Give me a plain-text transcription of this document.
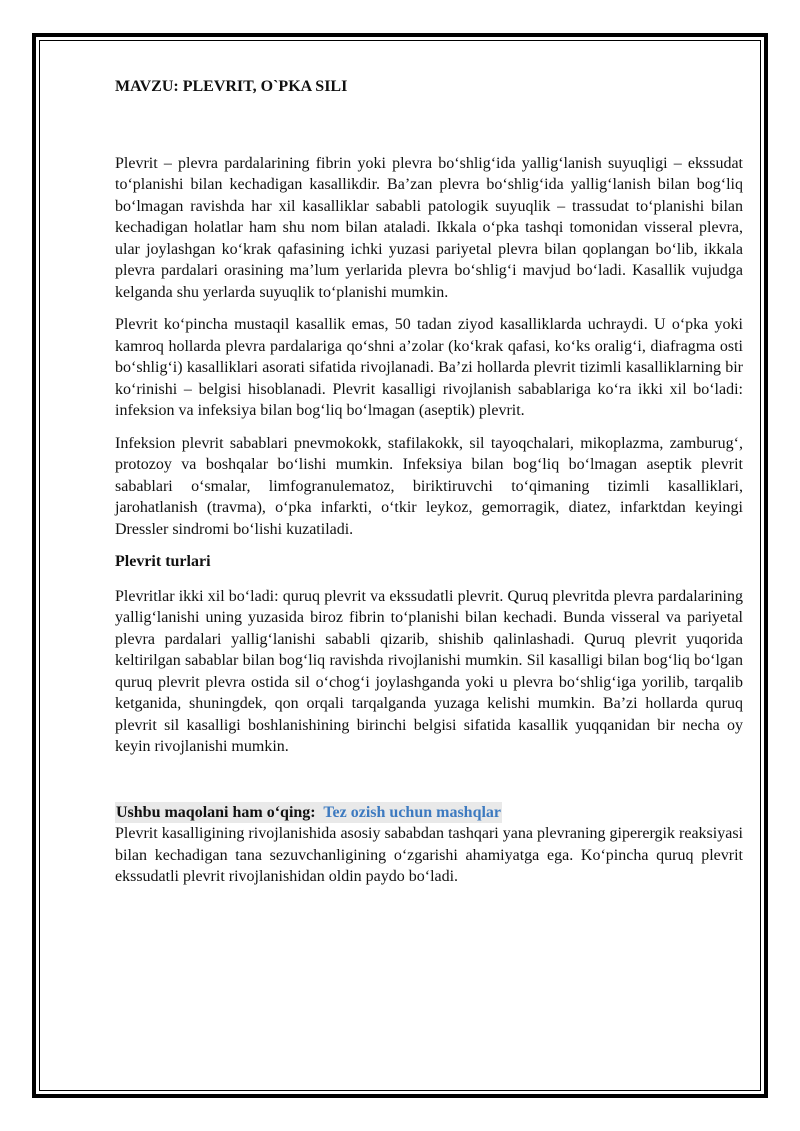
MAVZU: PLEVRIT, O`PKA SILI

Plevrit – plevra pardalarining fibrin yoki plevra bo‘shlig‘ida yallig‘lanish suyuqligi – ekssudat to‘planishi bilan kechadigan kasallikdir. Ba’zan plevra bo‘shlig‘ida yallig‘lanish bilan bog‘liq bo‘lmagan ravishda har xil kasalliklar sababli patologik suyuqlik – trassudat to‘planishi bilan kechadigan holatlar ham shu nom bilan ataladi. Ikkala o‘pka tashqi tomonidan visseral plevra, ular joylashgan ko‘krak qafasining ichki yuzasi pariyetal plevra bilan qoplangan bo‘lib, ikkala plevra pardalari orasining ma’lum yerlarida plevra bo‘shlig‘i mavjud bo‘ladi. Kasallik vujudga kelganda shu yerlarda suyuqlik to‘planishi mumkin.

Plevrit ko‘pincha mustaqil kasallik emas, 50 tadan ziyod kasalliklarda uchraydi. U o‘pka yoki kamroq hollarda plevra pardalariga qo‘shni a’zolar (ko‘krak qafasi, ko‘ks oralig‘i, diafragma osti bo‘shlig‘i) kasalliklari asorati sifatida rivojlanadi. Ba’zi hollarda plevrit tizimli kasalliklarning bir ko‘rinishi – belgisi hisoblanadi. Plevrit kasalligi rivojlanish sabablariga ko‘ra ikki xil bo‘ladi: infeksion va infeksiya bilan bog‘liq bo‘lmagan (aseptik) plevrit.

Infeksion plevrit sabablari pnevmokokk, stafilakokk, sil tayoqchalari, mikoplazma, zamburug‘, protozoy va boshqalar bo‘lishi mumkin. Infeksiya bilan bog‘liq bo‘lmagan aseptik plevrit sabablari o‘smalar, limfogranulematoz, biriktiruvchi to‘qimaning tizimli kasalliklari, jarohatlanish (travma), o‘pka infarkti, o‘tkir leykoz, gemorragik, diatez, infarktdan keyingi Dressler sindromi bo‘lishi kuzatiladi.

Plevrit turlari

Plevritlar ikki xil bo‘ladi: quruq plevrit va ekssudatli plevrit. Quruq plevritda plevra pardalarining yallig‘lanishi uning yuzasida biroz fibrin to‘planishi bilan kechadi. Bunda visseral va pariyetal plevra pardalari yallig‘lanishi sababli qizarib, shishib qalinlashadi. Quruq plevrit yuqorida keltirilgan sabablar bilan bog‘liq ravishda rivojlanishi mumkin. Sil kasalligi bilan bog‘liq bo‘lgan quruq plevrit plevra ostida sil o‘chog‘i joylashganda yoki u plevra bo‘shlig‘iga yorilib, tarqalib ketganida, shuningdek, qon orqali tarqalganda yuzaga kelishi mumkin. Ba’zi hollarda quruq plevrit sil kasalligi boshlanishining birinchi belgisi sifatida kasallik yuqqanidan bir necha oy keyin rivojlanishi mumkin.

Ushbu maqolani ham o‘qing: Tez ozish uchun mashqlar

Plevrit kasalligining rivojlanishida asosiy sababdan tashqari yana plevraning giperergik reaksiyasi bilan kechadigan tana sezuvchanligining o‘zgarishi ahamiyatga ega. Ko‘pincha quruq plevrit ekssudatli plevrit rivojlanishidan oldin paydo bo‘ladi.
